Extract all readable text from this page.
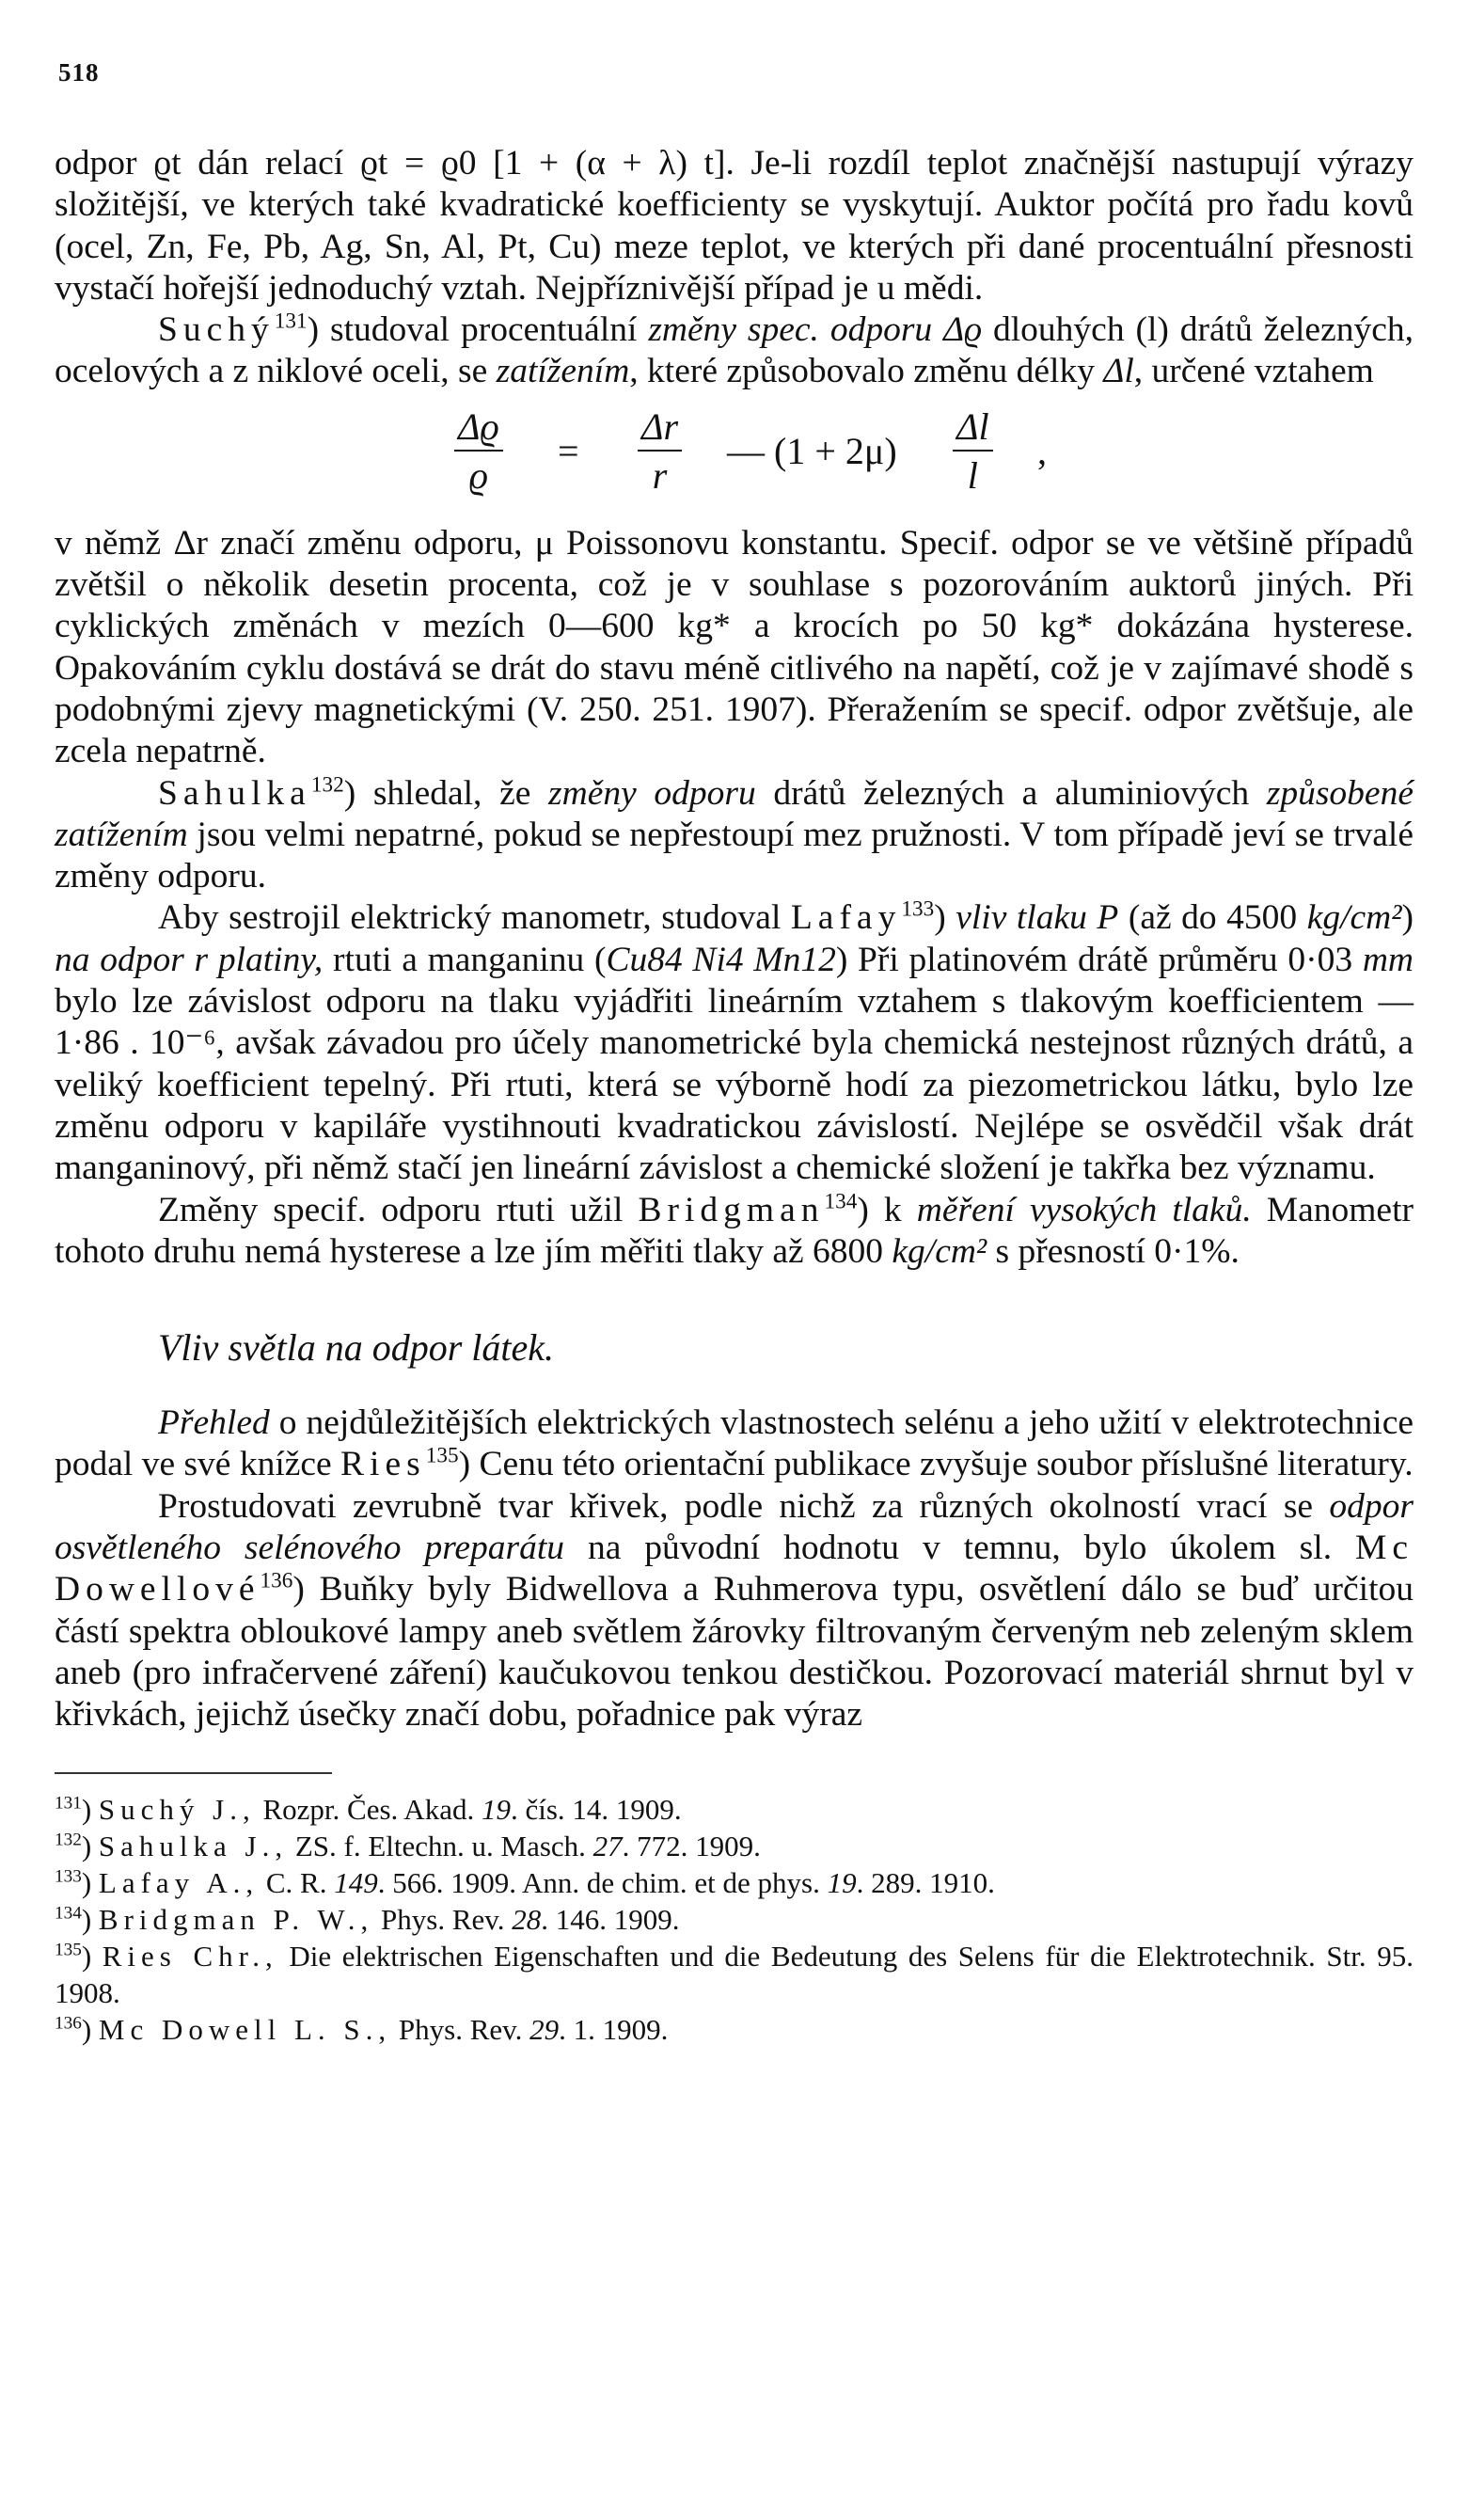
518

odpor ϱt dán relací ϱt = ϱ0 [1 + (α + λ) t]. Je-li rozdíl teplot značnější nastupují výrazy složitější, ve kterých také kvadratické koefficienty se vyskytují. Auktor počítá pro řadu kovů (ocel, Zn, Fe, Pb, Ag, Sn, Al, Pt, Cu) meze teplot, ve kterých při dané procentuální přesnosti vystačí hořejší jednoduchý vztah. Nejpříznivější případ je u mědi.

Suchý$^{131}$) studoval procentuální změny spec. odporu Δϱ dlouhých (l) drátů železných, ocelových a z niklové oceli, se zatížením, které způsobovalo změnu délky Δl, určené vztahem

$\frac{\Delta ϱ}{ϱ} = \frac{\Delta r}{r}$ — $(1 + 2\mu) \frac{\Delta l}{l}$ ,

v němž Δr značí změnu odporu, μ Poissonovu konstantu. Specif. odpor se ve většině případů zvětšil o několik desetin procenta, což je v souhlase s pozorováním auktorů jiných. Při cyklických změnách v mezích 0—600 kg* a krocích po 50 kg* dokázána hysterese. Opakováním cyklu dostává se drát do stavu méně citlivého na napětí, což je v zajímavé shodě s podobnými zjevy magnetickými (V. 250. 251. 1907). Přeražením se specif. odpor zvětšuje, ale zcela nepatrně.

Sahulka$^{132}$) shledal, že změny odporu drátů železných a aluminiových způsobené zatížením jsou velmi nepatrné, pokud se nepřestoupí mez pružnosti. V tom případě jeví se trvalé změny odporu.

Aby sestrojil elektrický manometr, studoval Lafay$^{133}$) vliv tlaku P (až do 4500 kg/cm²) na odpor r platiny, rtuti a manganinu (Cu84 Ni4 Mn12) Při platinovém drátě průměru 0·03 mm bylo lze závislost odporu na tlaku vyjádřiti lineárním vztahem s tlakovým koefficientem — 1·86 . 10⁻⁶, avšak závadou pro účely manometrické byla chemická nestejnost různých drátů, a veliký koefficient tepelný. Při rtuti, která se výborně hodí za piezometrickou látku, bylo lze změnu odporu v kapiláře vystihnouti kvadratickou závislostí. Nejlépe se osvědčil však drát manganinový, při němž stačí jen lineární závislost a chemické složení je takřka bez významu.

Změny specif. odporu rtuti užil Bridgman$^{134}$) k měření vysokých tlaků. Manometr tohoto druhu nemá hysterese a lze jím měřiti tlaky až 6800 kg/cm² s přesností 0·1%.

Vliv světla na odpor látek.

Přehled o nejdůležitějších elektrických vlastnostech selénu a jeho užití v elektrotechnice podal ve své knížce Ries$^{135}$) Cenu této orientační publikace zvyšuje soubor příslušné literatury.

Prostudovati zevrubně tvar křivek, podle nichž za různých okolností vrací se odpor osvětleného selénového preparátu na původní hodnotu v temnu, bylo úkolem sl. Mc Dowellové$^{136}$) Buňky byly Bidwellova a Ruhmerova typu, osvětlení dálo se buď určitou částí spektra obloukové lampy aneb světlem žárovky filtrovaným červeným neb zeleným sklem aneb (pro infračervené záření) kaučukovou tenkou destičkou. Pozorovací materiál shrnut byl v křivkách, jejichž úsečky značí dobu, pořadnice pak výraz

$^{131}$) Suchý J., Rozpr. Čes. Akad. 19. čís. 14. 1909.

$^{132}$) Sahulka J., ZS. f. Eltechn. u. Masch. 27. 772. 1909.

$^{133}$) Lafay A., C. R. 149. 566. 1909. Ann. de chim. et de phys. 19. 289. 1910.

$^{134}$) Bridgman P. W., Phys. Rev. 28. 146. 1909.

$^{135}$) Ries Chr., Die elektrischen Eigenschaften und die Bedeutung des Selens für die Elektrotechnik. Str. 95. 1908.

$^{136}$) Mc Dowell L. S., Phys. Rev. 29. 1. 1909.
